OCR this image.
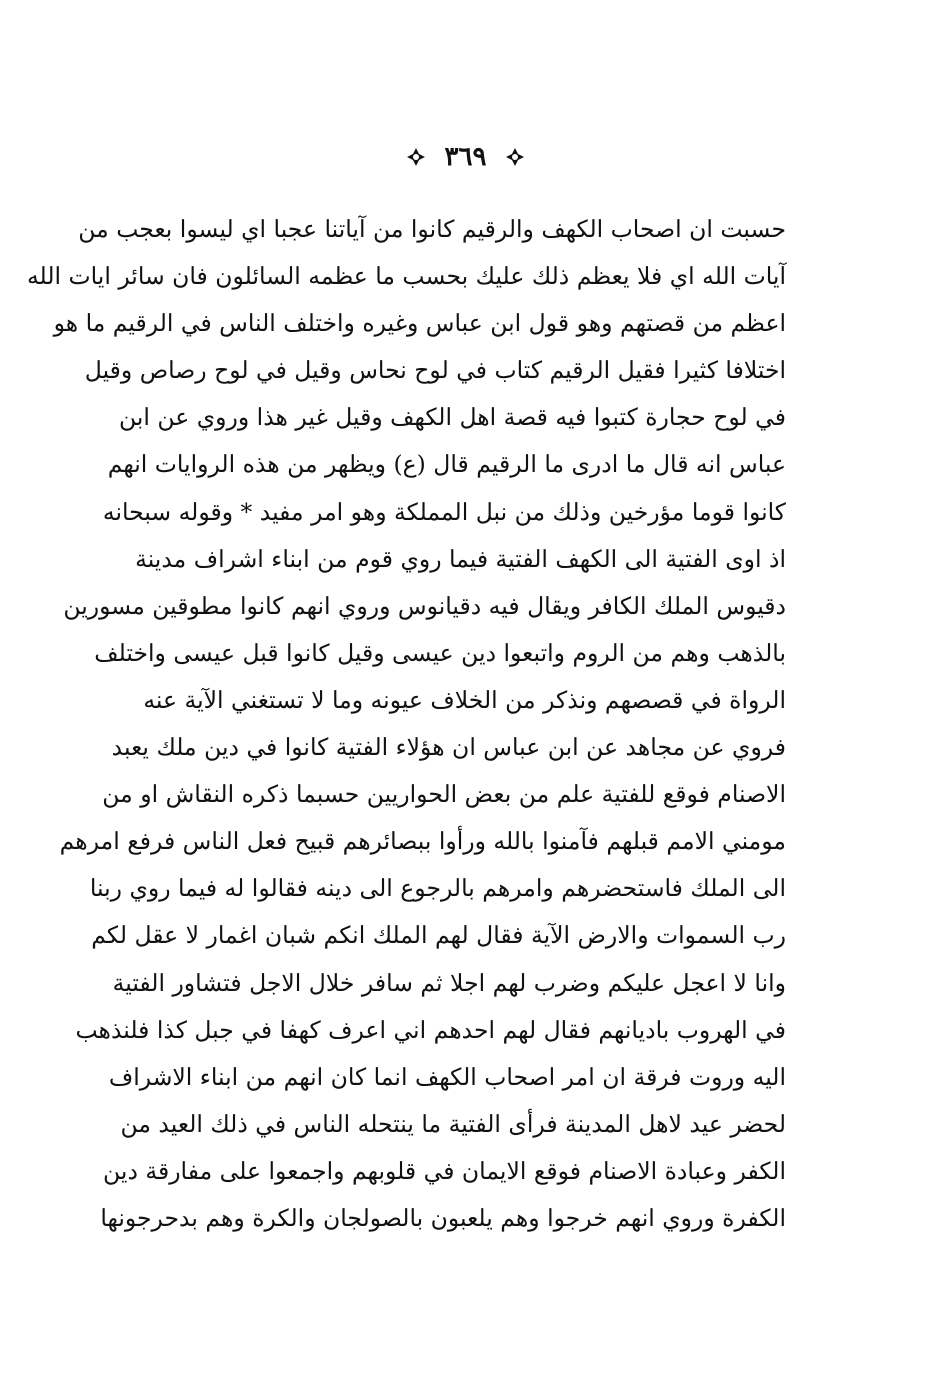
٣٦٩
حسبت ان اصحاب الكهف والرقيم كانوا من آياتنا عجبا اي ليسوا بعجب من
آيات الله اي فلا يعظم ذلك عليك بحسب ما عظمه السائلون فان سائر ايات الله
اعظم من قصتهم وهو قول ابن عباس وغيره واختلف الناس في الرقيم ما هو
اختلافا كثيرا فقيل الرقيم كتاب في لوح نحاس وقيل في لوح رصاص وقيل
في لوح حجارة كتبوا فيه قصة اهل الكهف وقيل غير هذا وروي عن ابن
عباس انه قال ما ادرى ما الرقيم قال (ع) ويظهر من هذه الروايات انهم
كانوا قوما مؤرخين وذلك من نبل المملكة وهو امر مفيد * وقوله سبحانه
اذ اوى الفتية الى الكهف الفتية فيما روي قوم من ابناء اشراف مدينة
دقيوس الملك الكافر ويقال فيه دقيانوس وروي انهم كانوا مطوقين مسورين
بالذهب وهم من الروم واتبعوا دين عيسى وقيل كانوا قبل عيسى واختلف
الرواة في قصصهم ونذكر من الخلاف عيونه وما لا تستغني الآية عنه
فروي عن مجاهد عن ابن عباس ان هؤلاء الفتية كانوا في دين ملك يعبد
الاصنام فوقع للفتية علم من بعض الحواريين حسبما ذكره النقاش او من
مومني الامم قبلهم فآمنوا بالله ورأوا ببصائرهم قبيح فعل الناس فرفع امرهم
الى الملك فاستحضرهم وامرهم بالرجوع الى دينه فقالوا له فيما روي ربنا
رب السموات والارض الآية فقال لهم الملك انكم شبان اغمار لا عقل لكم
وانا لا اعجل عليكم وضرب لهم اجلا ثم سافر خلال الاجل فتشاور الفتية
في الهروب باديانهم فقال لهم احدهم اني اعرف كهفا في جبل كذا فلنذهب
اليه وروت فرقة ان امر اصحاب الكهف انما كان انهم من ابناء الاشراف
لحضر عيد لاهل المدينة فرأى الفتية ما ينتحله الناس في ذلك العيد من
الكفر وعبادة الاصنام فوقع الايمان في قلوبهم واجمعوا على مفارقة دين
الكفرة وروي انهم خرجوا وهم يلعبون بالصولجان والكرة وهم بدحرجونها
